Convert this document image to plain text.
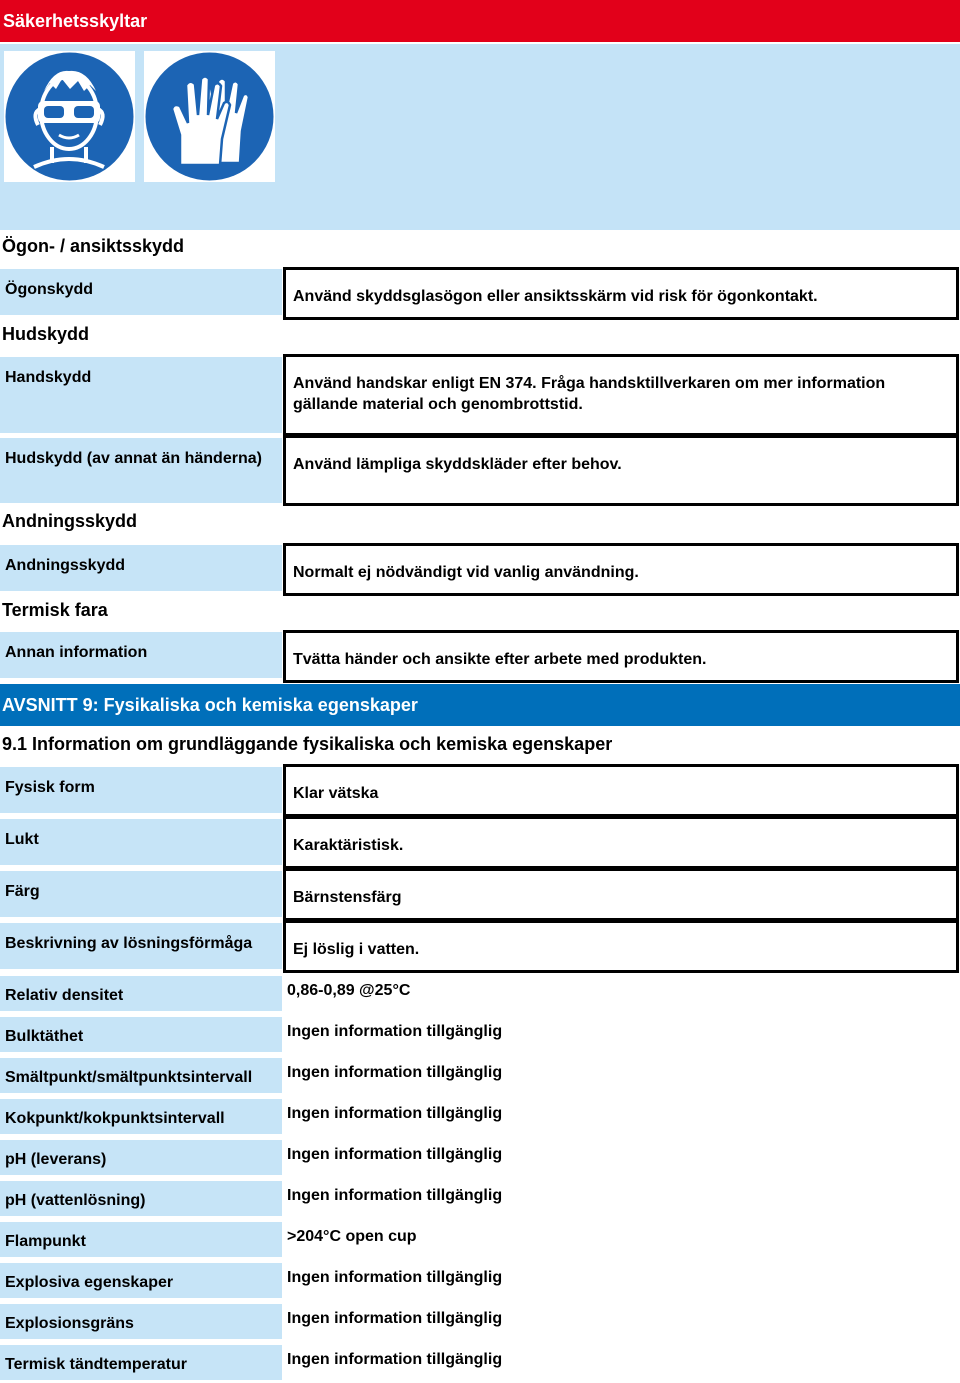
Säkerhetsskyltar
Ögon- / ansiktsskydd
Ögonskydd	Använd skyddsglasögon eller ansiktsskärm vid risk för ögonkontakt.
Hudskydd
Handskydd	Använd handskar enligt EN 374. Fråga handsktillverkaren om mer information gällande material och genombrottstid.
Hudskydd (av annat än händerna)	Använd lämpliga skyddskläder efter behov.
Andningsskydd
Andningsskydd	Normalt ej nödvändigt vid vanlig användning.
Termisk fara
Annan information	Tvätta händer och ansikte efter arbete med produkten.
AVSNITT 9: Fysikaliska och kemiska egenskaper
9.1 Information om grundläggande fysikaliska och kemiska egenskaper
Fysisk form	Klar vätska
Lukt	Karaktäristisk.
Färg	Bärnstensfärg
Beskrivning av lösningsförmåga	Ej löslig i vatten.
Relativ densitet	0,86-0,89 @25°C
Bulktäthet	Ingen information tillgänglig
Smältpunkt/smältpunktsintervall	Ingen information tillgänglig
Kokpunkt/kokpunktsintervall	Ingen information tillgänglig
pH (leverans)	Ingen information tillgänglig
pH (vattenlösning)	Ingen information tillgänglig
Flampunkt	>204°C open cup
Explosiva egenskaper	Ingen information tillgänglig
Explosionsgräns	Ingen information tillgänglig
Termisk tändtemperatur	Ingen information tillgänglig
